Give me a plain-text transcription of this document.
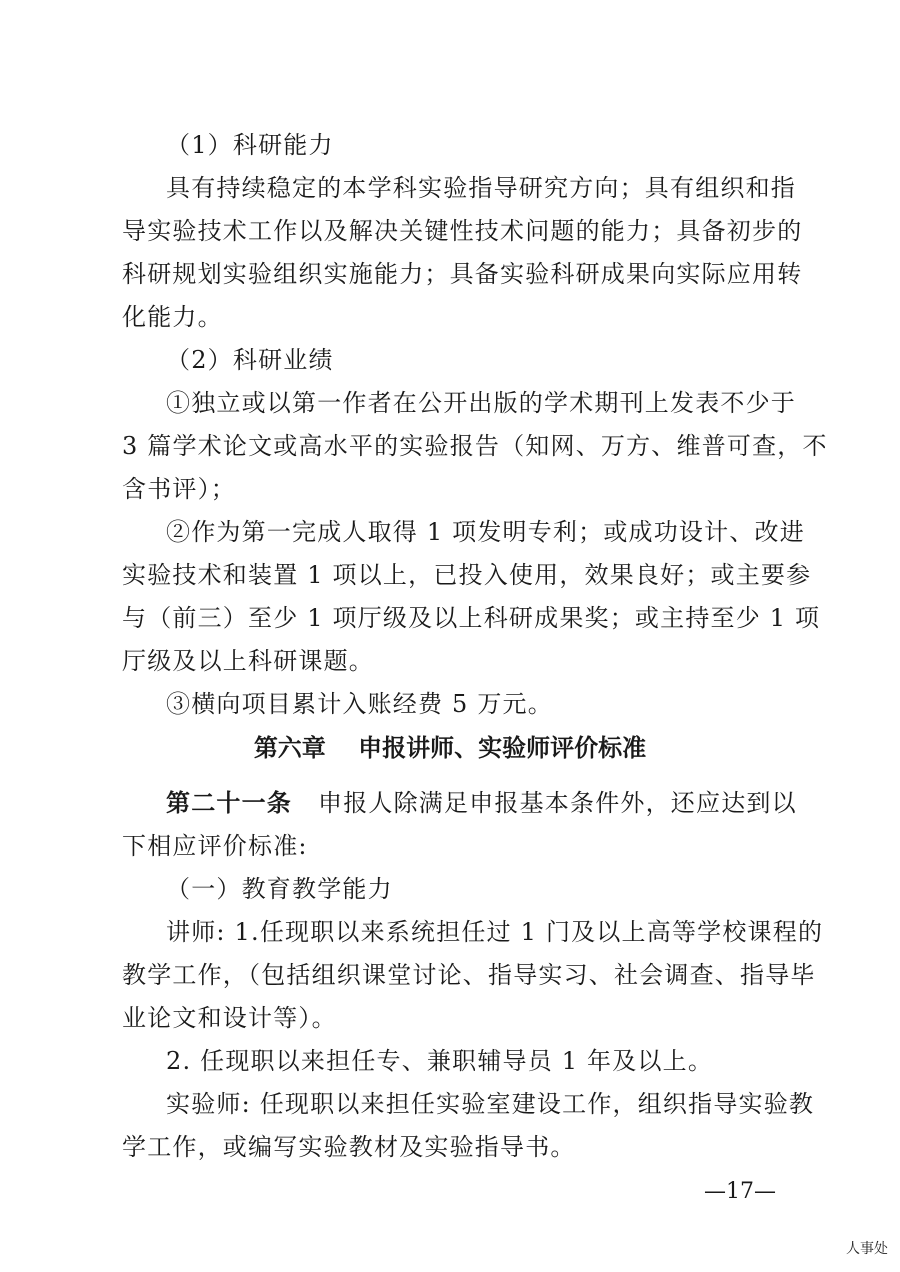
（1）科研能力
具有持续稳定的本学科实验指导研究方向；具有组织和指
导实验技术工作以及解决关键性技术问题的能力；具备初步的
科研规划实验组织实施能力；具备实验科研成果向实际应用转
化能力。
（2）科研业绩
①独立或以第一作者在公开出版的学术期刊上发表不少于
3 篇学术论文或高水平的实验报告（知网、万方、维普可查，不
含书评）；
②作为第一完成人取得 1 项发明专利；或成功设计、改进
实验技术和装置 1 项以上，已投入使用，效果良好；或主要参
与（前三）至少 1 项厅级及以上科研成果奖；或主持至少 1 项
厅级及以上科研课题。
③横向项目累计入账经费 5 万元。
第六章　 申报讲师、实验师评价标准
第二十一条 申报人除满足申报基本条件外，还应达到以
下相应评价标准:
（一）教育教学能力
讲师: 1.任现职以来系统担任过 1 门及以上高等学校课程的
教学工作，（包括组织课堂讨论、指导实习、社会调查、指导毕
业论文和设计等）。
2. 任现职以来担任专、兼职辅导员 1 年及以上。
实验师: 任现职以来担任实验室建设工作，组织指导实验教
学工作，或编写实验教材及实验指导书。
—17—
人事处
